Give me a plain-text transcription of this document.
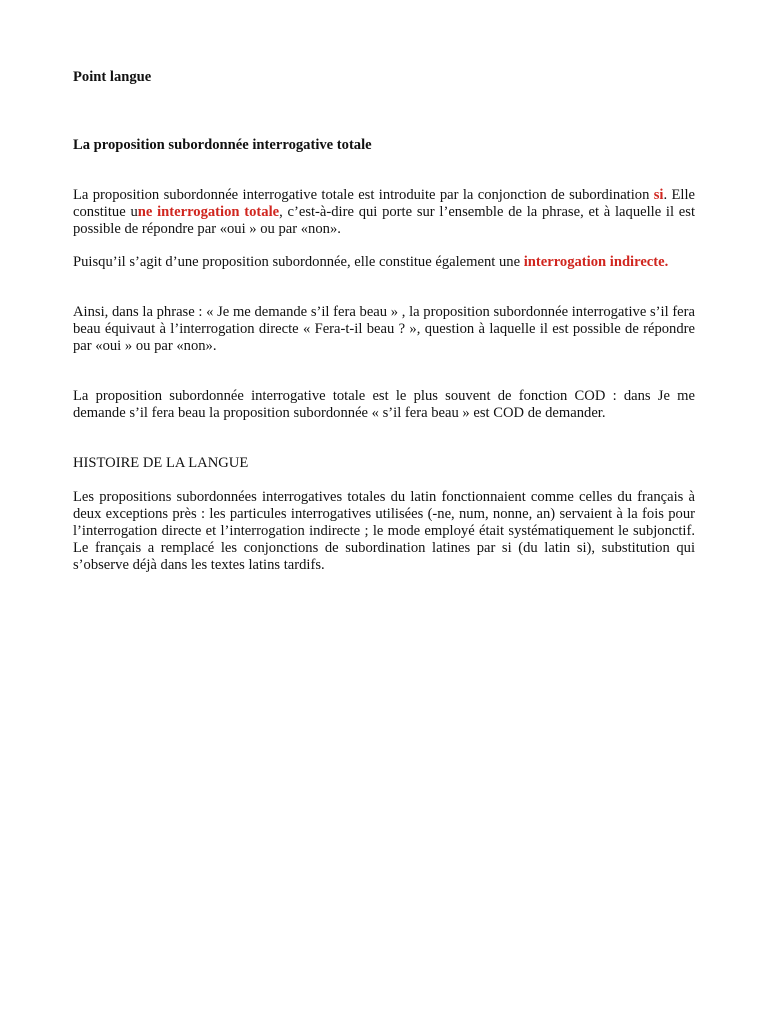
Point langue

La proposition subordonnée interrogative totale

La proposition subordonnée interrogative totale est introduite par la conjonction de subordination si. Elle constitue une interrogation totale, c’est-à-dire qui porte sur l’ensemble de la phrase, et à laquelle il est possible de répondre par «oui » ou par «non».

Puisqu’il s’agit d’une proposition subordonnée, elle constitue également une interrogation indirecte.

Ainsi, dans la phrase : « Je me demande s’il fera beau » , la proposition subordonnée interrogative s’il fera beau équivaut à l’interrogation directe « Fera-t-il beau ? », question à laquelle il est possible de répondre par «oui » ou par «non».

La proposition subordonnée interrogative totale est le plus souvent de fonction COD : dans Je me demande s’il fera beau la proposition subordonnée « s’il fera beau » est COD de demander.

HISTOIRE DE LA LANGUE

Les propositions subordonnées interrogatives totales du latin fonctionnaient comme celles du français à deux exceptions près : les particules interrogatives utilisées (-ne, num, nonne, an) servaient à la fois pour l’interrogation directe et l’interrogation indirecte ; le mode employé était systématiquement le subjonctif. Le français a remplacé les conjonctions de subordination latines par si (du latin si), substitution qui s’observe déjà dans les textes latins tardifs.
